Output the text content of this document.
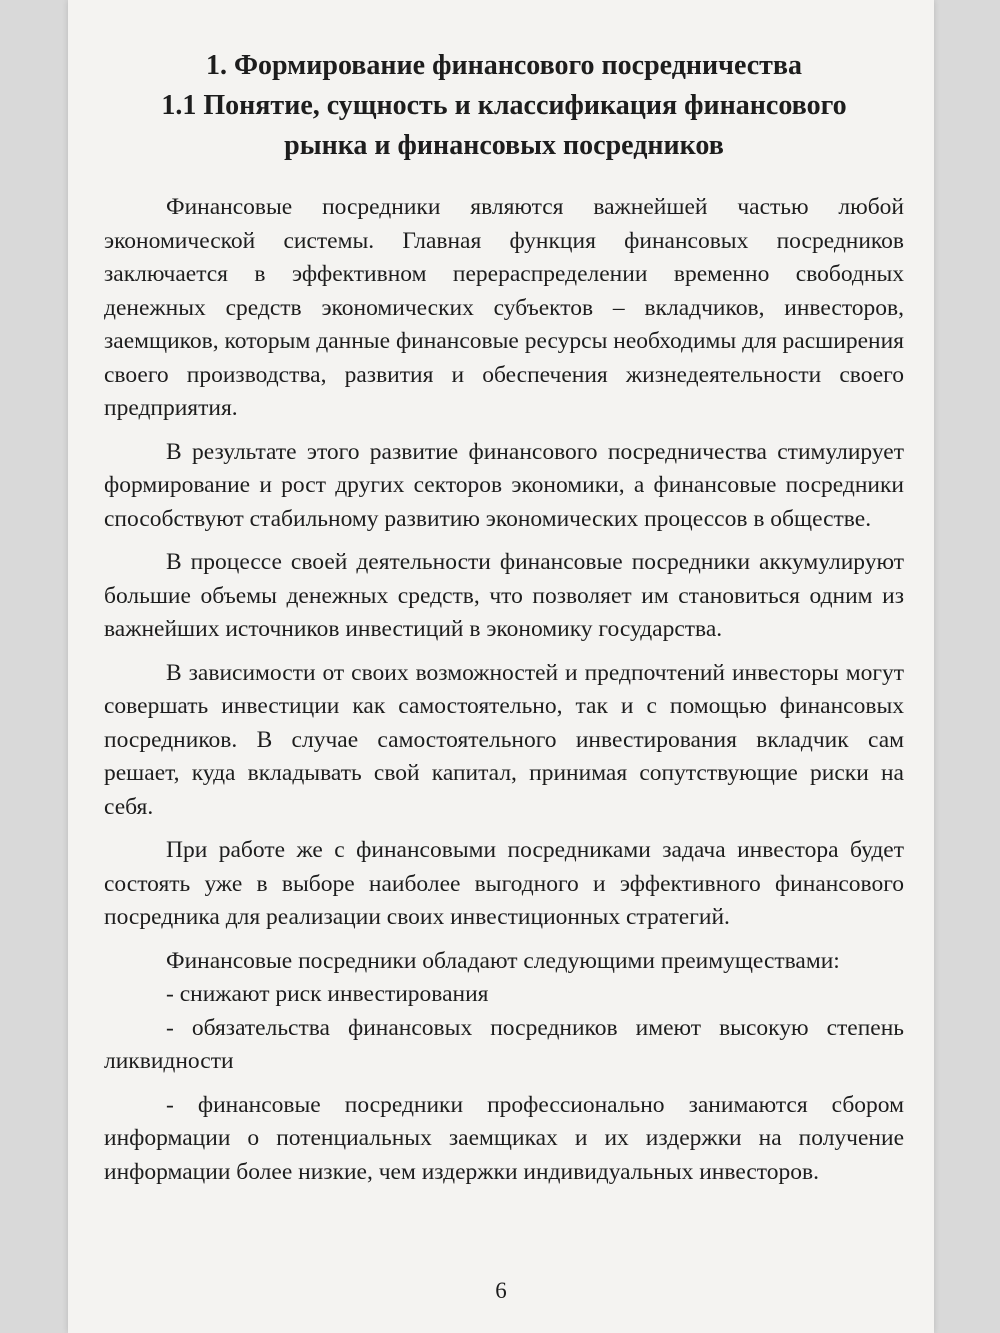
1. Формирование финансового посредничества
1.1 Понятие, сущность и классификация финансового
рынка и финансовых посредников

Финансовые посредники являются важнейшей частью любой экономической системы. Главная функция финансовых посредников заключается в эффективном перераспределении временно свободных денежных средств экономических субъектов – вкладчиков, инвесторов, заемщиков, которым данные финансовые ресурсы необходимы для расширения своего производства, развития и обеспечения жизнедеятельности своего предприятия.

В результате этого развитие финансового посредничества стимулирует формирование и рост других секторов экономики, а финансовые посредники способствуют стабильному развитию экономических процессов в обществе.

В процессе своей деятельности финансовые посредники аккумулируют большие объемы денежных средств, что позволяет им становиться одним из важнейших источников инвестиций в экономику государства.

В зависимости от своих возможностей и предпочтений инвесторы могут совершать инвестиции как самостоятельно, так и с помощью финансовых посредников. В случае самостоятельного инвестирования вкладчик сам решает, куда вкладывать свой капитал, принимая сопутствующие риски на себя.

При работе же с финансовыми посредниками задача инвестора будет состоять уже в выборе наиболее выгодного и эффективного финансового посредника для реализации своих инвестиционных стратегий.

Финансовые посредники обладают следующими преимуществами:

- снижают риск инвестирования

- обязательства финансовых посредников имеют высокую степень ликвидности

- финансовые посредники профессионально занимаются сбором информации о потенциальных заемщиках и их издержки на получение информации более низкие, чем издержки индивидуальных инвесторов.

6
